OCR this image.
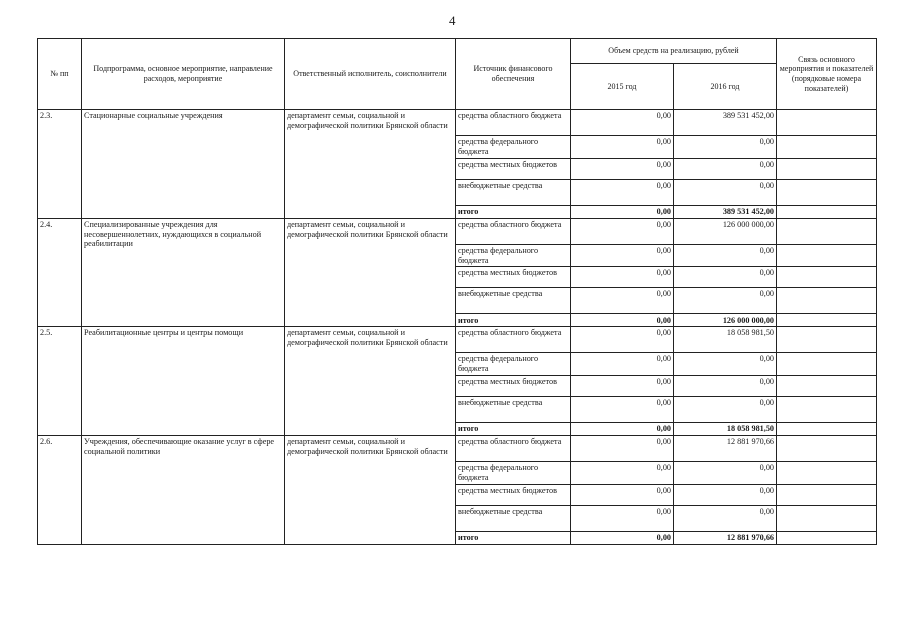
4
№ пп	Подпрограмма, основное мероприятие, направление расходов, мероприятие	Ответственный исполнитель, соисполнители	Источник финансового обеспечения	Объем средств на реализацию, рублей		Связь основного мероприятия и показателей (порядковые номера показателей)
				2015 год	2016 год	
2.3.	Стационарные социальные учреждения	департамент семьи, социальной и демографической политики Брянской области	средства областного бюджета	0,00	389 531 452,00	
			средства федерального бюджета	0,00	0,00	
			средства местных бюджетов	0,00	0,00	
			внебюджетные средства	0,00	0,00	
			итого	0,00	389 531 452,00	
2.4.	Специализированные учреждения для несовершеннолетних, нуждающихся в социальной реабилитации	департамент семьи, социальной и демографической политики Брянской области	средства областного бюджета	0,00	126 000 000,00	
			средства федерального бюджета	0,00	0,00	
			средства местных бюджетов	0,00	0,00	
			внебюджетные средства	0,00	0,00	
			итого	0,00	126 000 000,00	
2.5.	Реабилитационные центры и центры помощи	департамент семьи, социальной и демографической политики Брянской области	средства областного бюджета	0,00	18 058 981,50	
			средства федерального бюджета	0,00	0,00	
			средства местных бюджетов	0,00	0,00	
			внебюджетные средства	0,00	0,00	
			итого	0,00	18 058 981,50	
2.6.	Учреждения, обеспечивающие оказание услуг в сфере социальной политики	департамент семьи, социальной и демографической политики Брянской области	средства областного бюджета	0,00	12 881 970,66	
			средства федерального бюджета	0,00	0,00	
			средства местных бюджетов	0,00	0,00	
			внебюджетные средства	0,00	0,00	
			итого	0,00	12 881 970,66	
